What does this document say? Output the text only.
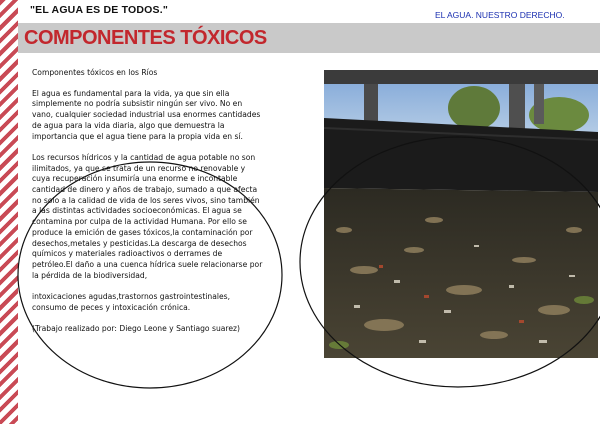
"EL AGUA ES DE TODOS."	EL AGUA. NUESTRO DERECHO.
COMPONENTES TÓXICOS

Componentes tóxicos en los Ríos

El agua es fundamental para la vida, ya que sin ella simplemente no podría subsistir ningún ser vivo. No en vano, cualquier sociedad industrial usa enormes cantidades de agua para la vida diaria, algo que demuestra la importancia que el agua tiene para la propia vida en sí.

Los recursos hídricos y la cantidad de agua potable no son ilimitados, ya que se trata de un recurso no renovable y cuya recuperación insumiría una enorme e incontable cantidad de dinero y años de trabajo, sumado a que afecta no solo a la calidad de vida de los seres vivos, sino también a las distintas actividades socioeconómicas. El agua se contamina por culpa de la actividad Humana. Por ello se produce la emición de gases tóxicos,la contaminación por desechos,metales y pesticidas.La descarga de desechos químicos y materiales radioactivos o derrames de petróleo.El daño a una cuenca hídrica suele relacionarse por la pérdida de la biodiversidad,

intoxicaciones agudas,trastornos gastrointestinales, consumo de peces y intoxicación crónica.

(Trabajo realizado por: Diego Leone y Santiago suarez)
